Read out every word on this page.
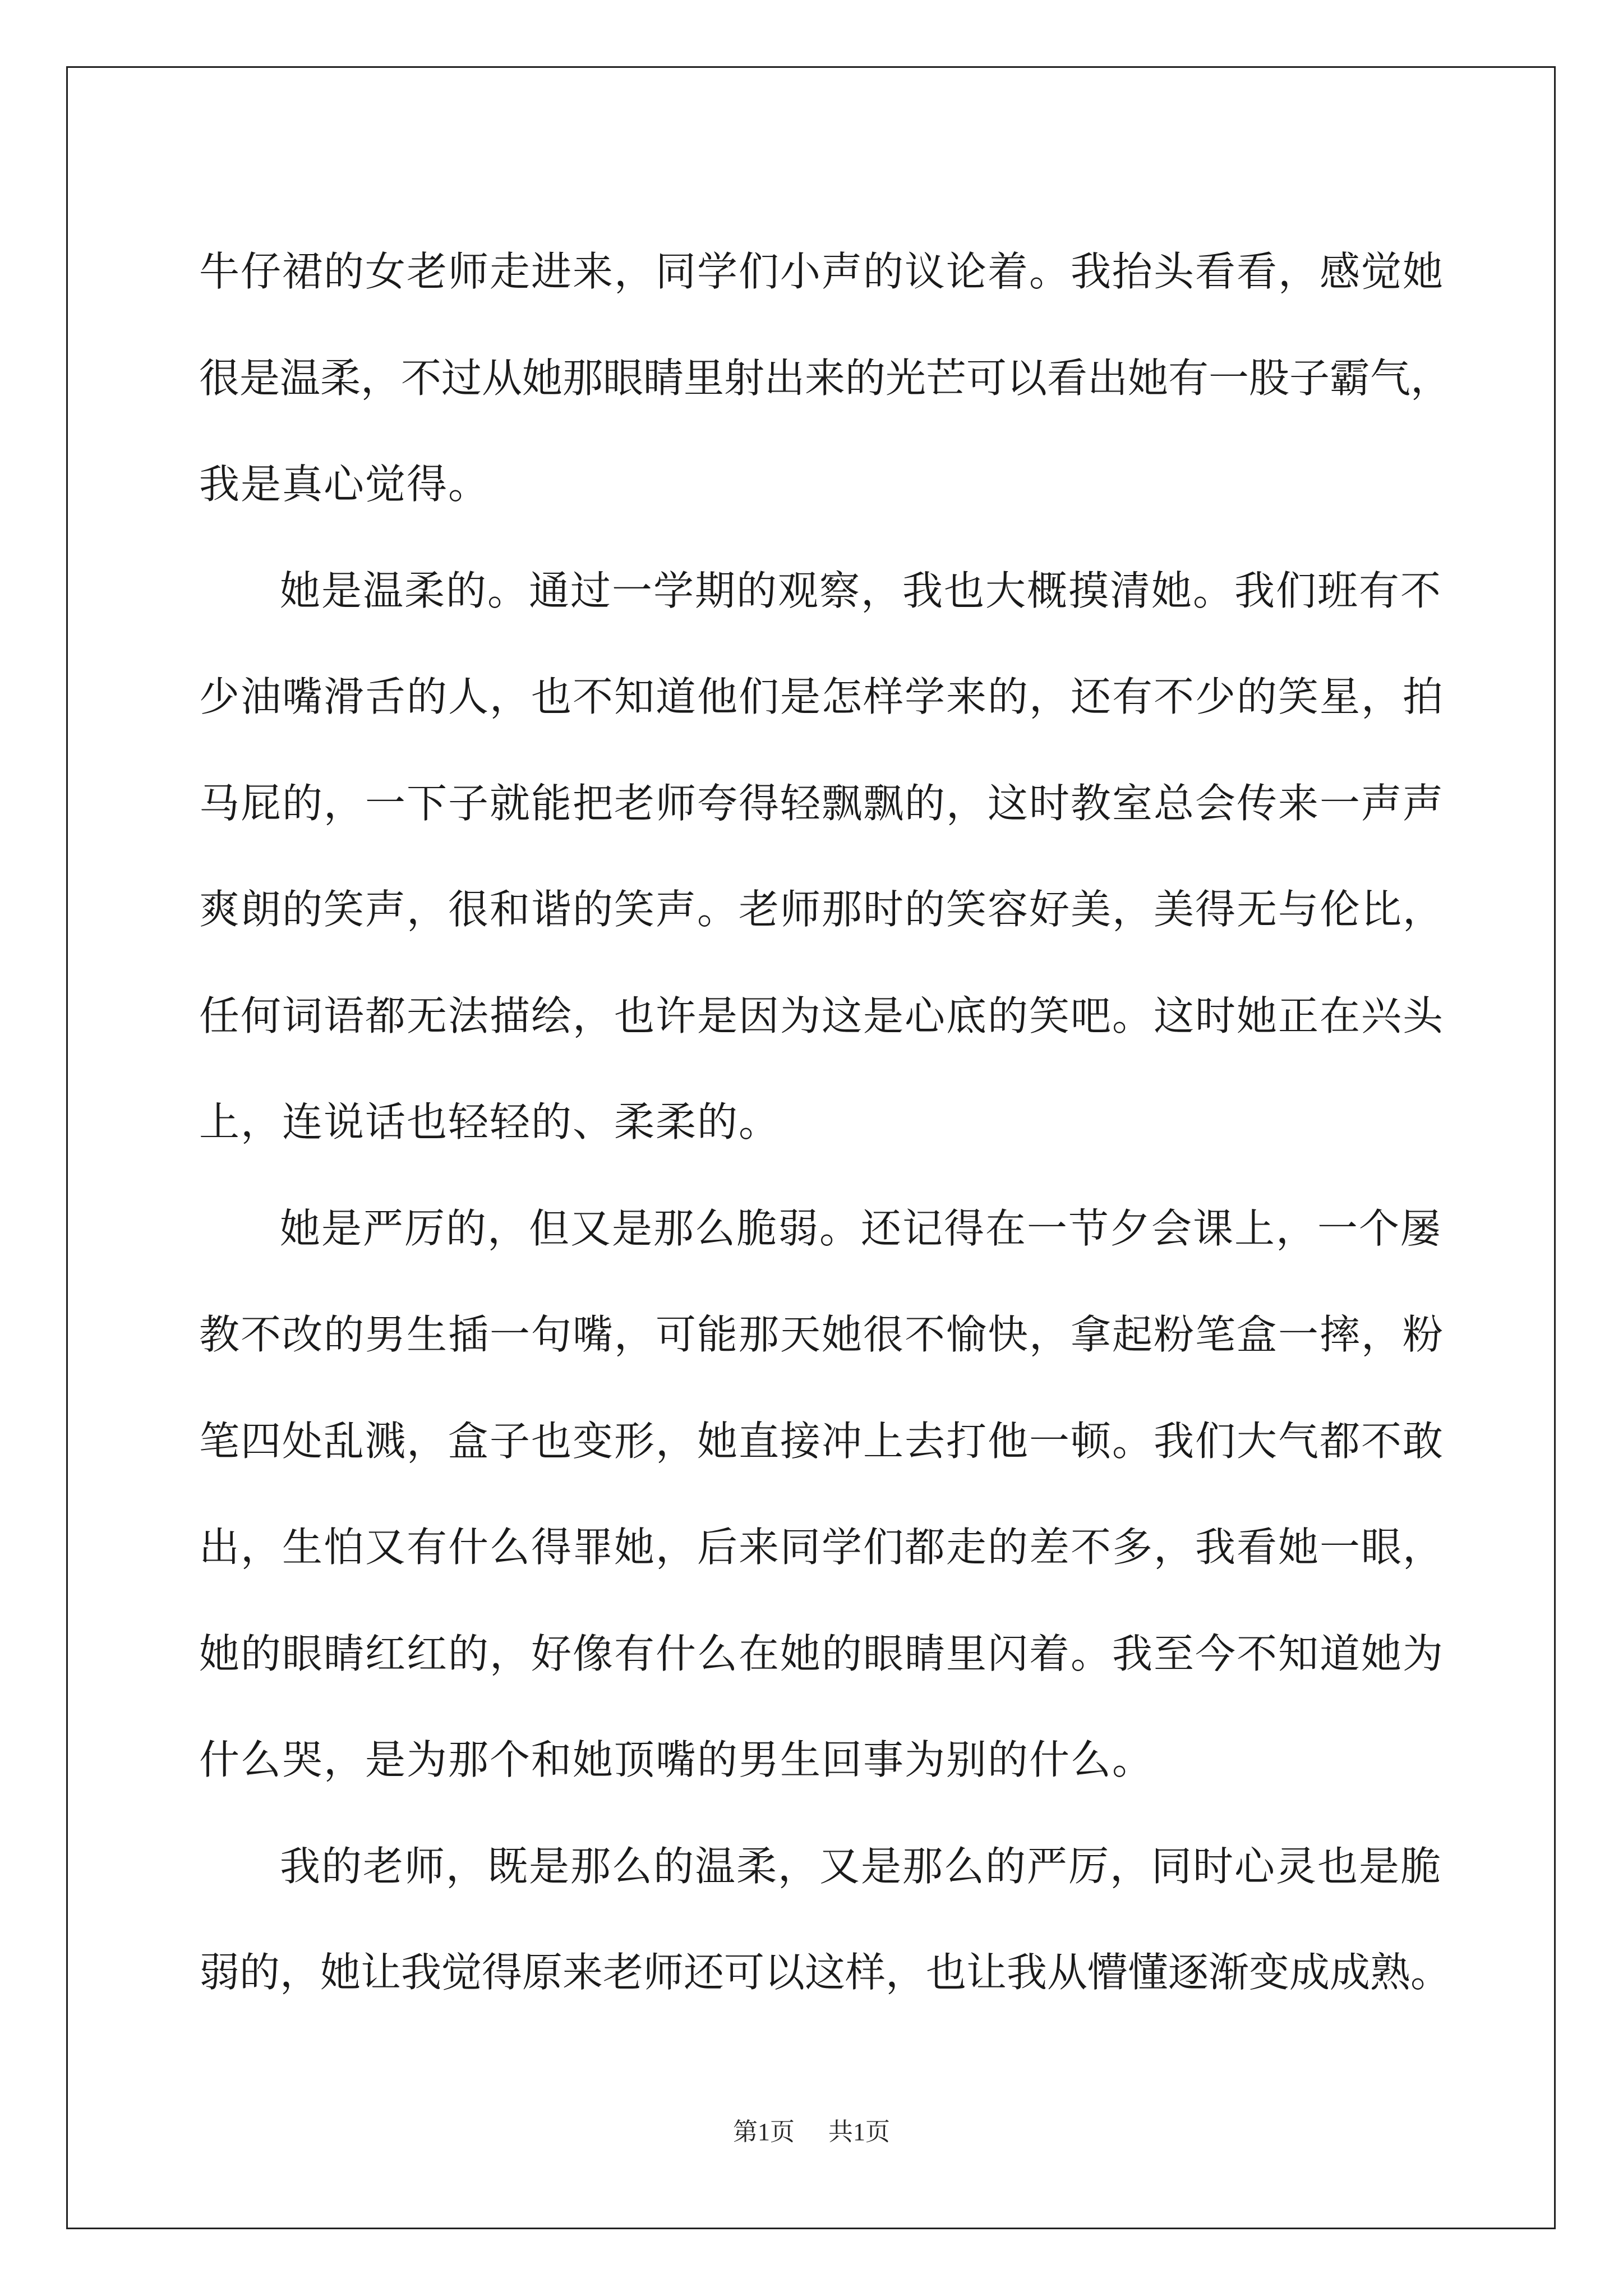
牛仔裙的女老师走进来，同学们小声的议论着。我抬头看看，感觉她
很是温柔，不过从她那眼睛里射出来的光芒可以看出她有一股子霸气，
我是真心觉得。
她是温柔的。通过一学期的观察，我也大概摸清她。我们班有不
少油嘴滑舌的人，也不知道他们是怎样学来的，还有不少的笑星，拍
马屁的，一下子就能把老师夸得轻飘飘的，这时教室总会传来一声声
爽朗的笑声，很和谐的笑声。老师那时的笑容好美，美得无与伦比，
任何词语都无法描绘，也许是因为这是心底的笑吧。这时她正在兴头
上，连说话也轻轻的、柔柔的。
她是严厉的，但又是那么脆弱。还记得在一节夕会课上，一个屡
教不改的男生插一句嘴，可能那天她很不愉快，拿起粉笔盒一摔，粉
笔四处乱溅，盒子也变形，她直接冲上去打他一顿。我们大气都不敢
出，生怕又有什么得罪她，后来同学们都走的差不多，我看她一眼，
她的眼睛红红的，好像有什么在她的眼睛里闪着。我至今不知道她为
什么哭，是为那个和她顶嘴的男生回事为别的什么。
我的老师，既是那么的温柔，又是那么的严厉，同时心灵也是脆
弱的，她让我觉得原来老师还可以这样，也让我从懵懂逐渐变成成熟。
第1页 共1页
